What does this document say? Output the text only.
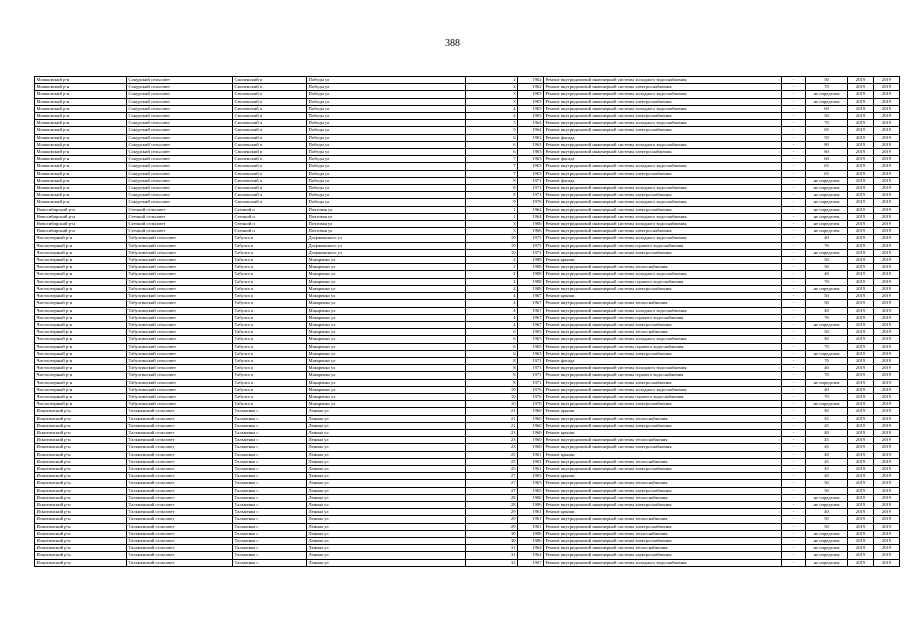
388
Мошковский р-н	Сокурский сельсовет	Смоленский п	Победы ул	2	1962	Ремонт внутридомовой инженерной системы холодного водоснабжения	-	50	2019	2019
Мошковский р-н	Сокурский сельсовет	Смоленский п	Победы ул	2	1962	Ремонт внутридомовой инженерной системы электроснабжения	-	70	2019	2019
Мошковский р-н	Сокурский сельсовет	Смоленский п	Победы ул	3	1965	Ремонт внутридомовой инженерной системы холодного водоснабжения	-	не определен	2019	2019
Мошковский р-н	Сокурский сельсовет	Смоленский п	Победы ул	3	1965	Ремонт внутридомовой инженерной системы электроснабжения	-	не определен	2019	2019
Мошковский р-н	Сокурский сельсовет	Смоленский п	Победы ул	4	1965	Ремонт внутридомовой инженерной системы холодного водоснабжения	-	60	2019	2019
Мошковский р-н	Сокурский сельсовет	Смоленский п	Победы ул	4	1965	Ремонт внутридомовой инженерной системы электроснабжения	-	50	2019	2019
Мошковский р-н	Сокурский сельсовет	Смоленский п	Победы ул	5	1964	Ремонт внутридомовой инженерной системы холодного водоснабжения	-	70	2019	2019
Мошковский р-н	Сокурский сельсовет	Смоленский п	Победы ул	5	1964	Ремонт внутридомовой инженерной системы электроснабжения	-	65	2019	2019
Мошковский р-н	Сокурский сельсовет	Смоленский п	Победы ул	6	1963	Ремонт фасада	-	50	2019	2019
Мошковский р-н	Сокурский сельсовет	Смоленский п	Победы ул	6	1963	Ремонт внутридомовой инженерной системы холодного водоснабжения	-	80	2019	2019
Мошковский р-н	Сокурский сельсовет	Смоленский п	Победы ул	6	1963	Ремонт внутридомовой инженерной системы электроснабжения	-	60	2019	2019
Мошковский р-н	Сокурский сельсовет	Смоленский п	Победы ул	7	1963	Ремонт фасада	-	60	2019	2019
Мошковский р-н	Сокурский сельсовет	Смоленский п	Победы ул	7	1963	Ремонт внутридомовой инженерной системы холодного водоснабжения	-	65	2019	2019
Мошковский р-н	Сокурский сельсовет	Смоленский п	Победы ул	7	1963	Ремонт внутридомовой инженерной системы электроснабжения	-	65	2019	2019
Мошковский р-н	Сокурский сельсовет	Смоленский п	Победы ул	8	1971	Ремонт фасада	-	не определен	2019	2019
Мошковский р-н	Сокурский сельсовет	Смоленский п	Победы ул	8	1971	Ремонт внутридомовой инженерной системы холодного водоснабжения	-	не определен	2019	2019
Мошковский р-н	Сокурский сельсовет	Смоленский п	Победы ул	8	1971	Ремонт внутридомовой инженерной системы электроснабжения	-	не определен	2019	2019
Мошковский р-н	Сокурский сельсовет	Смоленский п	Победы ул	9	1976	Ремонт внутридомовой инженерной системы холодного водоснабжения	-	не определен	2019	2019
Новосибирский р-н	Степной сельсовет	Степной п	Почтовая ул	1	1964	Ремонт внутридомовой инженерной системы электроснабжения	-	не определен	2019	2019
Новосибирский р-н	Степной сельсовет	Степной п	Почтовая ул	1	1964	Ремонт внутридомовой инженерной системы холодного водоснабжения	-	не определен	2019	2019
Новосибирский р-н	Степной сельсовет	Степной п	Почтовая ул	3	1966	Ремонт внутридомовой инженерной системы холодного водоснабжения	-	не определен	2019	2019
Новосибирский р-н	Степной сельсовет	Степной п	Почтовая ул	3	1966	Ремонт внутридомовой инженерной системы электроснабжения	-	не определен	2019	2019
Чистоозерный р-н	Табулгинский сельсовет	Табулга п	Дзержинского ул	10	1973	Ремонт внутридомовой инженерной системы холодного водоснабжения	-	40	2019	2019
Чистоозерный р-н	Табулгинский сельсовет	Табулга п	Дзержинского ул	10	1973	Ремонт внутридомовой инженерной системы горячего водоснабжения	-	70	2019	2019
Чистоозерный р-н	Табулгинский сельсовет	Табулга п	Дзержинского ул	10	1973	Ремонт внутридомовой инженерной системы электроснабжения	-	не определен	2019	2019
Чистоозерный р-н	Табулгинский сельсовет	Табулга п	Макаренко ул	2	1988	Ремонт крыши	-	50	2019	2019
Чистоозерный р-н	Табулгинский сельсовет	Табулга п	Макаренко ул	2	1988	Ремонт внутридомовой инженерной системы теплоснабжения	-	50	2019	2019
Чистоозерный р-н	Табулгинский сельсовет	Табулга п	Макаренко ул	2	1988	Ремонт внутридомовой инженерной системы холодного водоснабжения	-	40	2019	2019
Чистоозерный р-н	Табулгинский сельсовет	Табулга п	Макаренко ул	2	1988	Ремонт внутридомовой инженерной системы горячего водоснабжения	-	70	2019	2019
Чистоозерный р-н	Табулгинский сельсовет	Табулга п	Макаренко ул	2	1988	Ремонт внутридомовой инженерной системы электроснабжения	-	не определен	2019	2019
Чистоозерный р-н	Табулгинский сельсовет	Табулга п	Макаренко ул	4	1967	Ремонт крыши	-	50	2019	2019
Чистоозерный р-н	Табулгинский сельсовет	Табулга п	Макаренко ул	4	1967	Ремонт внутридомовой инженерной системы теплоснабжения	-	50	2019	2019
Чистоозерный р-н	Табулгинский сельсовет	Табулга п	Макаренко ул	4	1967	Ремонт внутридомовой инженерной системы холодного водоснабжения	-	40	2019	2019
Чистоозерный р-н	Табулгинский сельсовет	Табулга п	Макаренко ул	4	1967	Ремонт внутридомовой инженерной системы горячего водоснабжения	-	70	2019	2019
Чистоозерный р-н	Табулгинский сельсовет	Табулга п	Макаренко ул	4	1967	Ремонт внутридомовой инженерной системы электроснабжения	-	не определен	2019	2019
Чистоозерный р-н	Табулгинский сельсовет	Табулга п	Макаренко ул	6	1965	Ремонт внутридомовой инженерной системы теплоснабжения	-	50	2019	2019
Чистоозерный р-н	Табулгинский сельсовет	Табулга п	Макаренко ул	6	1965	Ремонт внутридомовой инженерной системы холодного водоснабжения	-	40	2019	2019
Чистоозерный р-н	Табулгинский сельсовет	Табулга п	Макаренко ул	6	1965	Ремонт внутридомовой инженерной системы горячего водоснабжения	-	70	2019	2019
Чистоозерный р-н	Табулгинский сельсовет	Табулга п	Макаренко ул	6	1965	Ремонт внутридомовой инженерной системы электроснабжения	-	не определен	2019	2019
Чистоозерный р-н	Табулгинский сельсовет	Табулга п	Макаренко ул	8	1971	Ремонт фасада	-	70	2019	2019
Чистоозерный р-н	Табулгинский сельсовет	Табулга п	Макаренко ул	8	1971	Ремонт внутридомовой инженерной системы холодного водоснабжения	-	40	2019	2019
Чистоозерный р-н	Табулгинский сельсовет	Табулга п	Макаренко ул	8	1971	Ремонт внутридомовой инженерной системы горячего водоснабжения	-	70	2019	2019
Чистоозерный р-н	Табулгинский сельсовет	Табулга п	Макаренко ул	8	1971	Ремонт внутридомовой инженерной системы электроснабжения	-	не определен	2019	2019
Чистоозерный р-н	Табулгинский сельсовет	Табулга п	Макаренко ул	10	1976	Ремонт внутридомовой инженерной системы холодного водоснабжения	-	40	2019	2019
Чистоозерный р-н	Табулгинский сельсовет	Табулга п	Макаренко ул	10	1976	Ремонт внутридомовой инженерной системы горячего водоснабжения	-	70	2019	2019
Чистоозерный р-н	Табулгинский сельсовет	Табулга п	Макаренко ул	10	1976	Ремонт внутридомовой инженерной системы электроснабжения	-	не определен	2019	2019
Искитимский р-н	Тальменский сельсовет	Тальменка с	Ленина ул	21	1960	Ремонт крыши	-	40	2019	2019
Искитимский р-н	Тальменский сельсовет	Тальменка с	Ленина ул	21	1960	Ремонт внутридомовой инженерной системы теплоснабжения	-	45	2019	2019
Искитимский р-н	Тальменский сельсовет	Тальменка с	Ленина ул	21	1960	Ремонт внутридомовой инженерной системы электроснабжения	-	45	2019	2019
Искитимский р-н	Тальменский сельсовет	Тальменка с	Ленина ул	23	1960	Ремонт крыши	-	40	2019	2019
Искитимский р-н	Тальменский сельсовет	Тальменка с	Ленина ул	23	1960	Ремонт внутридомовой инженерной системы теплоснабжения	-	45	2019	2019
Искитимский р-н	Тальменский сельсовет	Тальменка с	Ленина ул	23	1960	Ремонт внутридомовой инженерной системы электроснабжения	-	45	2019	2019
Искитимский р-н	Тальменский сельсовет	Тальменка с	Ленина ул	25	1961	Ремонт крыши	-	40	2019	2019
Искитимский р-н	Тальменский сельсовет	Тальменка с	Ленина ул	25	1961	Ремонт внутридомовой инженерной системы теплоснабжения	-	45	2019	2019
Искитимский р-н	Тальменский сельсовет	Тальменка с	Ленина ул	25	1961	Ремонт внутридомовой инженерной системы электроснабжения	-	45	2019	2019
Искитимский р-н	Тальменский сельсовет	Тальменка с	Ленина ул	27	1965	Ремонт крыши	-	40	2019	2019
Искитимский р-н	Тальменский сельсовет	Тальменка с	Ленина ул	27	1965	Ремонт внутридомовой инженерной системы теплоснабжения	-	50	2019	2019
Искитимский р-н	Тальменский сельсовет	Тальменка с	Ленина ул	27	1965	Ремонт внутридомовой инженерной системы электроснабжения	-	50	2019	2019
Искитимский р-н	Тальменский сельсовет	Тальменка с	Ленина ул	28	1986	Ремонт внутридомовой инженерной системы теплоснабжения	-	не определен	2019	2019
Искитимский р-н	Тальменский сельсовет	Тальменка с	Ленина ул	28	1986	Ремонт внутридомовой инженерной системы электроснабжения	-	не определен	2019	2019
Искитимский р-н	Тальменский сельсовет	Тальменка с	Ленина ул	29	1961	Ремонт крыши	-	40	2019	2019
Искитимский р-н	Тальменский сельсовет	Тальменка с	Ленина ул	29	1961	Ремонт внутридомовой инженерной системы теплоснабжения	-	50	2019	2019
Искитимский р-н	Тальменский сельсовет	Тальменка с	Ленина ул	29	1961	Ремонт внутридомовой инженерной системы электроснабжения	-	50	2019	2019
Искитимский р-н	Тальменский сельсовет	Тальменка с	Ленина ул	30	1986	Ремонт внутридомовой инженерной системы теплоснабжения	-	не определен	2019	2019
Искитимский р-н	Тальменский сельсовет	Тальменка с	Ленина ул	30	1986	Ремонт внутридомовой инженерной системы электроснабжения	-	не определен	2019	2019
Искитимский р-н	Тальменский сельсовет	Тальменка с	Ленина ул	31	1964	Ремонт внутридомовой инженерной системы теплоснабжения	-	не определен	2019	2019
Искитимский р-н	Тальменский сельсовет	Тальменка с	Ленина ул	31	1964	Ремонт внутридомовой инженерной системы электроснабжения	-	не определен	2019	2019
Искитимский р-н	Тальменский сельсовет	Тальменка с	Ленина ул	32	1967	Ремонт внутридомовой инженерной системы холодного водоснабжения	-	не определен	2019	2019
